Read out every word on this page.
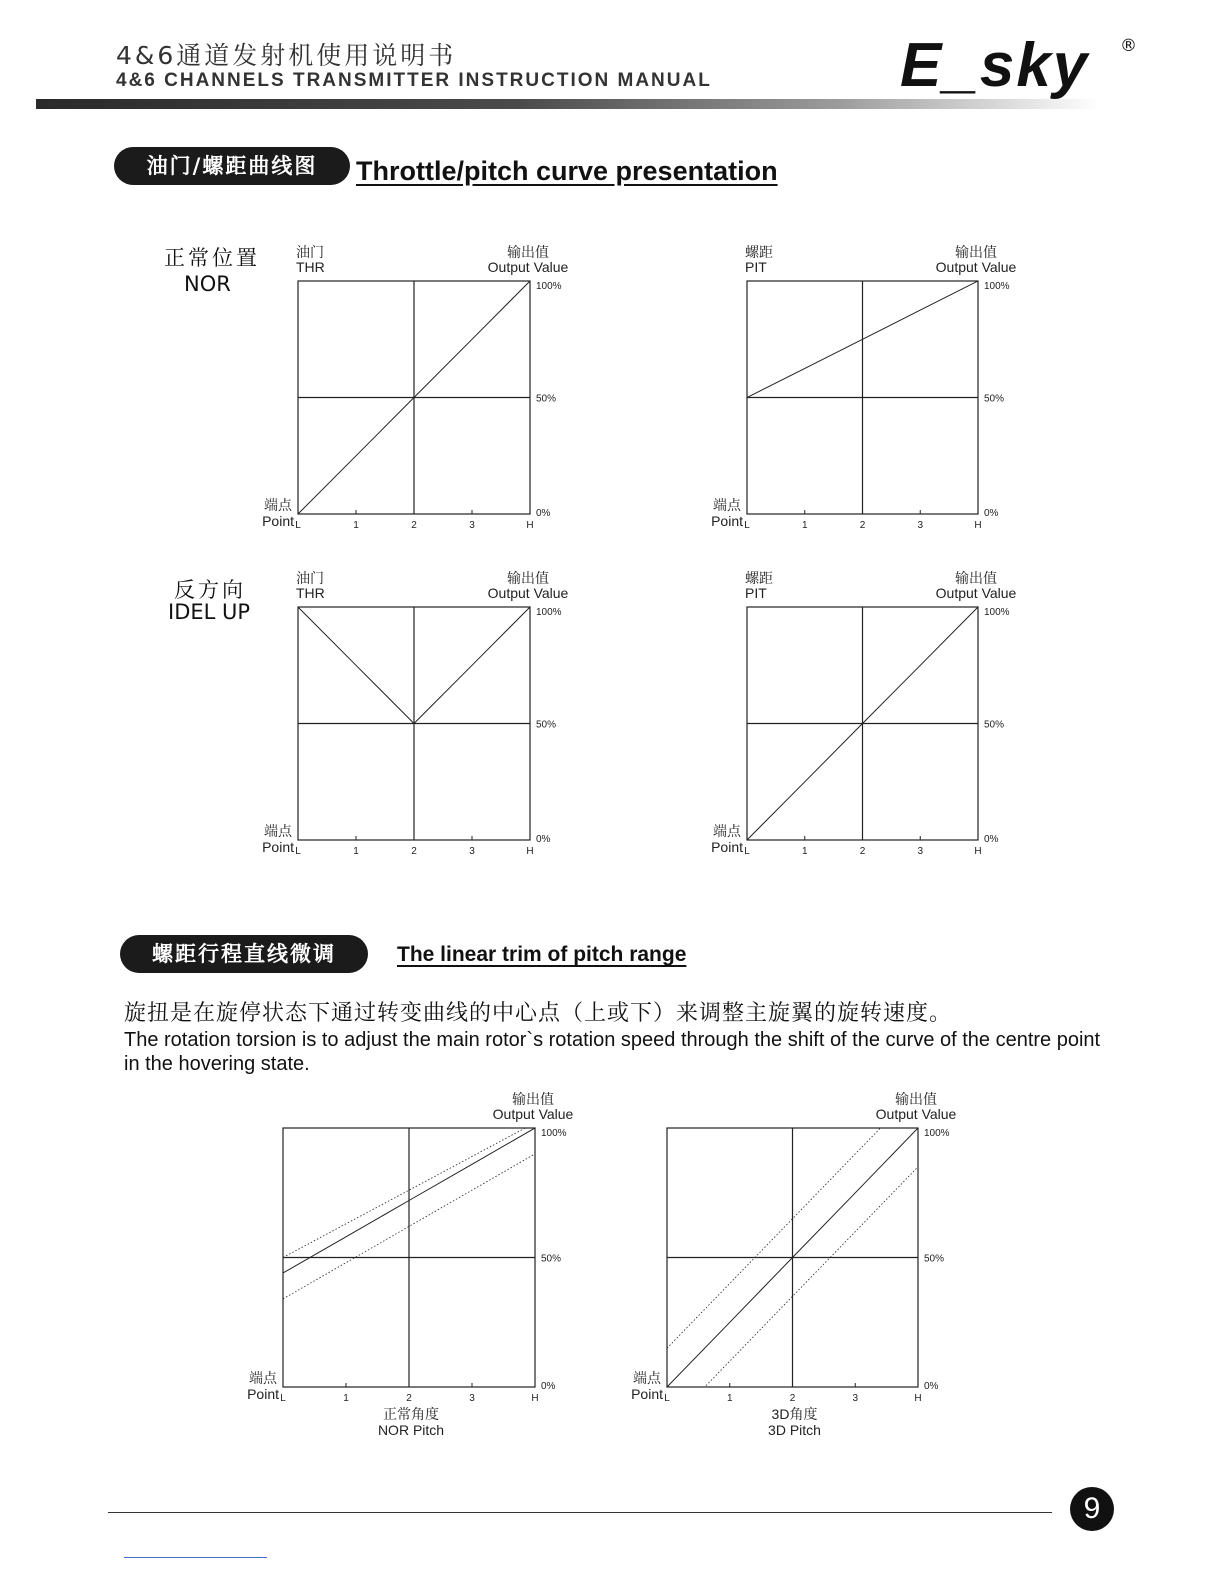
4&6通道发射机使用说明书
4&6 CHANNELS TRANSMITTER INSTRUCTION MANUAL	E_sky ®
油门/螺距曲线图	Throttle/pitch curve presentation
正常位置
NOR
反方向
IDEL UP
螺距行程直线微调	The linear trim of pitch range
旋扭是在旋停状态下通过转变曲线的中心点（上或下）来调整主旋翼的旋转速度。
The rotation torsion is to adjust the main rotor`s rotation speed through the shift of the curve of the centre point in the hovering state.
L	1	2	3	H
100%
50%
0%
输出值
Output Value
端点
Point
油门
THR
L	1	2	3	H
100%
50%
0%
输出值
Output Value
端点
Point
螺距
PIT
L	1	2	3	H
100%
50%
0%
输出值
Output Value
端点
Point
油门
THR
L	1	2	3	H
100%
50%
0%
输出值
Output Value
端点
Point
螺距
PIT
L	1	2	3	H
100%
50%
0%
输出值
Output Value
端点
Point
正常角度
NOR Pitch
L	1	2	3	H
100%
50%
0%
输出值
Output Value
端点
Point
3D角度
3D Pitch
9
